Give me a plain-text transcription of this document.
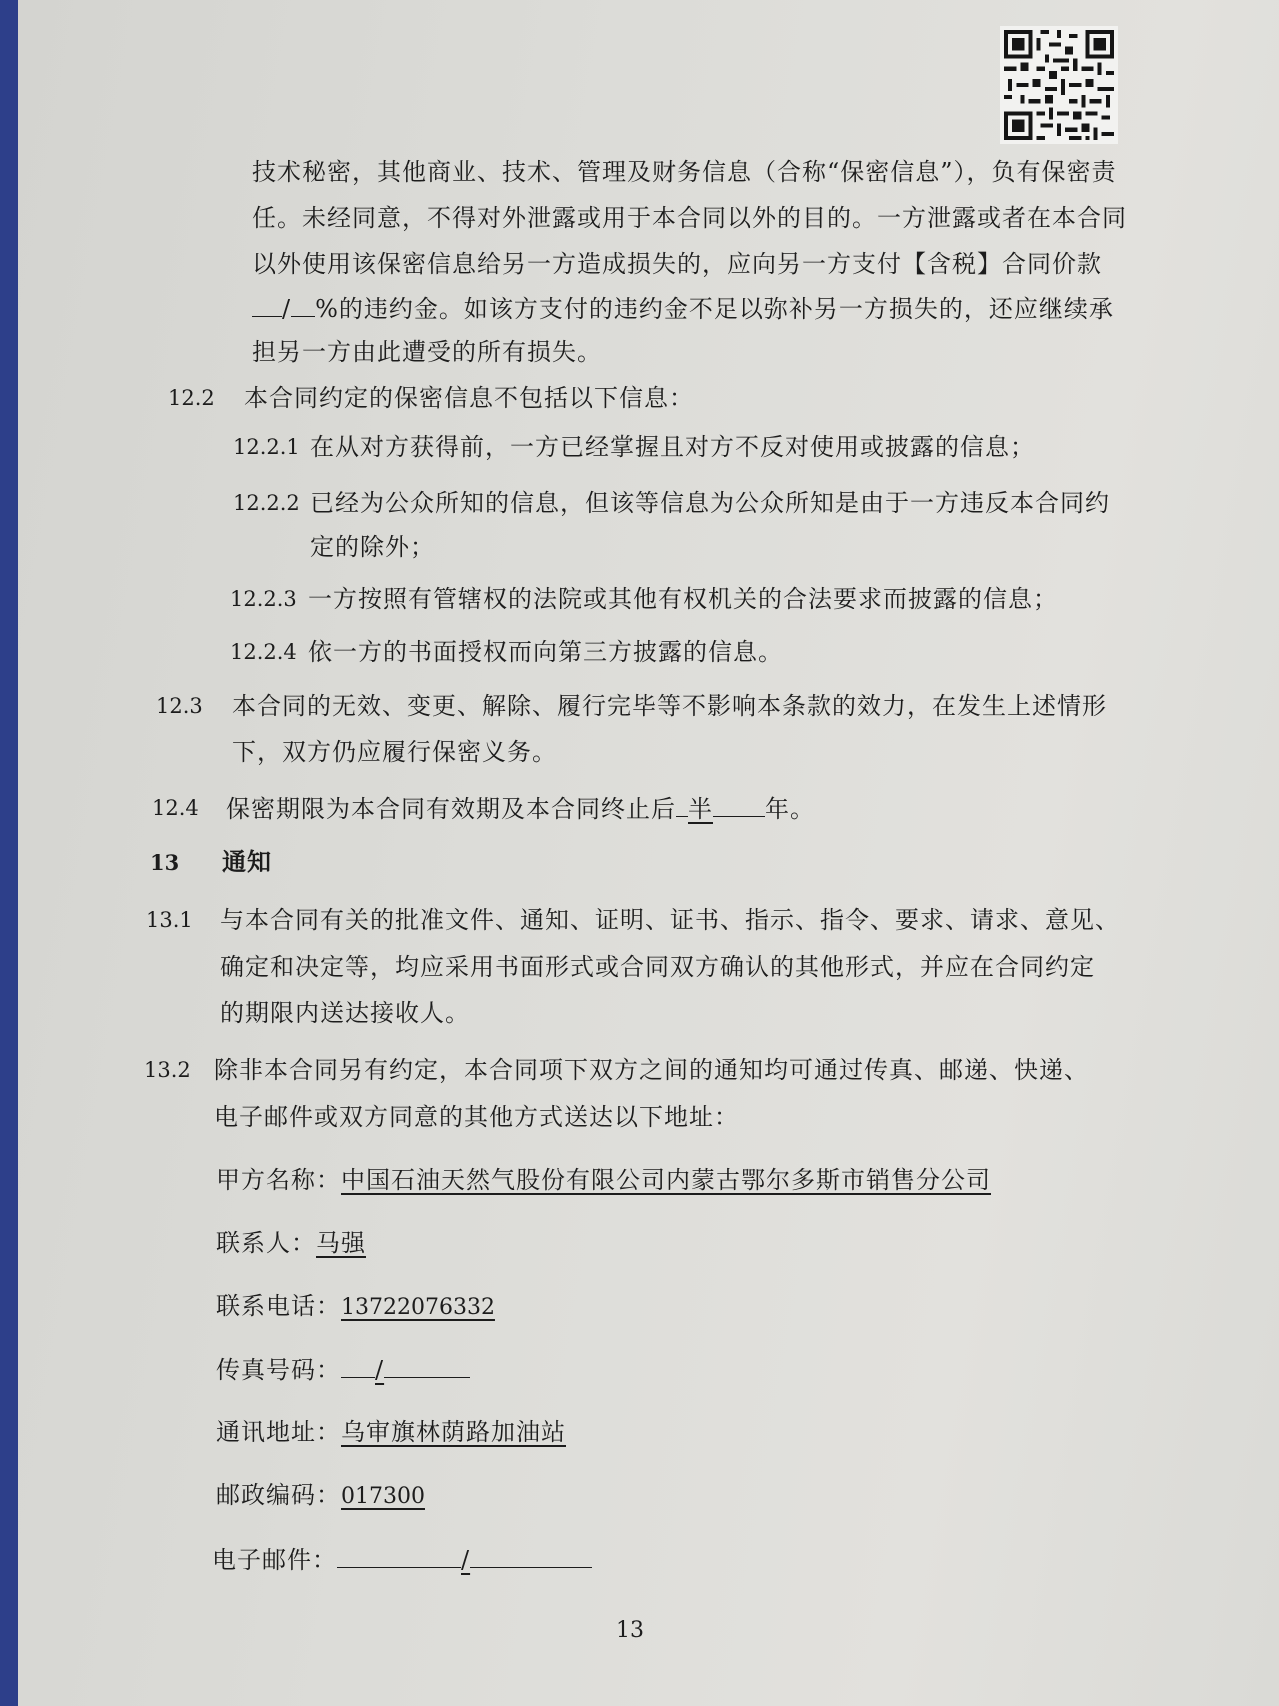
技术秘密，其他商业、技术、管理及财务信息（合称“保密信息”），负有保密责
任。未经同意，不得对外泄露或用于本合同以外的目的。一方泄露或者在本合同
以外使用该保密信息给另一方造成损失的，应向另一方支付【含税】合同价款
/ %的违约金。如该方支付的违约金不足以弥补另一方损失的，还应继续承
担另一方由此遭受的所有损失。
12.2 本合同约定的保密信息不包括以下信息：
12.2.1 在从对方获得前，一方已经掌握且对方不反对使用或披露的信息；
12.2.2 已经为公众所知的信息，但该等信息为公众所知是由于一方违反本合同约
定的除外；
12.2.3 一方按照有管辖权的法院或其他有权机关的合法要求而披露的信息；
12.2.4 依一方的书面授权而向第三方披露的信息。
12.3 本合同的无效、变更、解除、履行完毕等不影响本条款的效力，在发生上述情形
下，双方仍应履行保密义务。
12.4 保密期限为本合同有效期及本合同终止后 半 年。
13 通知
13.1 与本合同有关的批准文件、通知、证明、证书、指示、指令、要求、请求、意见、
确定和决定等，均应采用书面形式或合同双方确认的其他形式，并应在合同约定
的期限内送达接收人。
13.2 除非本合同另有约定，本合同项下双方之间的通知均可通过传真、邮递、快递、
电子邮件或双方同意的其他方式送达以下地址：
甲方名称：中国石油天然气股份有限公司内蒙古鄂尔多斯市销售分公司
联系人：马强
联系电话：13722076332
传真号码： /
通讯地址：乌审旗林荫路加油站
邮政编码：017300
电子邮件：	/
13
